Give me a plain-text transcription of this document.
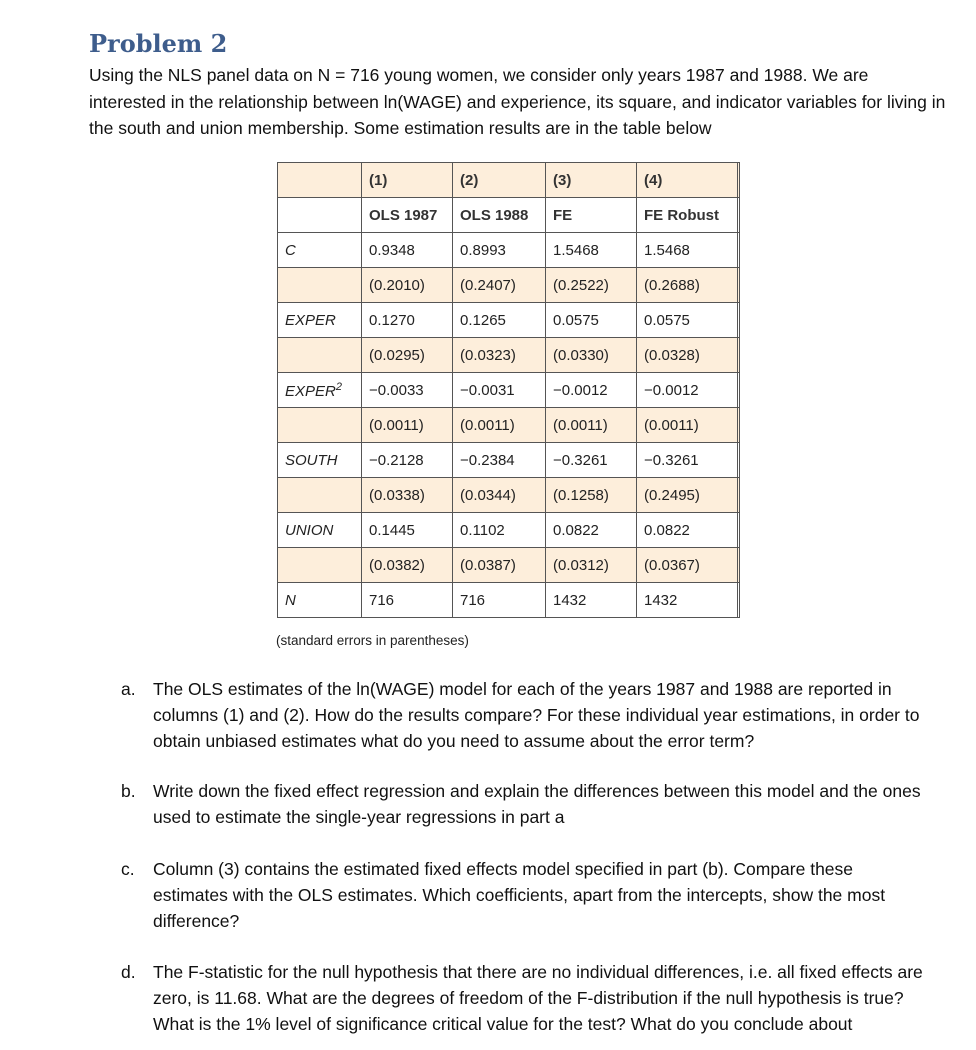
Problem 2
Using the NLS panel data on N = 716 young women, we consider only years 1987 and 1988. We are interested in the relationship between ln(WAGE) and experience, its square, and indicator variables for living in the south and union membership. Some estimation results are in the table below
	(1)	(2)	(3)	(4)	
	OLS 1987	OLS 1988	FE	FE Robust	
C	0.9348	0.8993	1.5468	1.5468	
	(0.2010)	(0.2407)	(0.2522)	(0.2688)	
EXPER	0.1270	0.1265	0.0575	0.0575	
	(0.0295)	(0.0323)	(0.0330)	(0.0328)	
$EXPER^2$	−0.0033	−0.0031	−0.0012	−0.0012	
	(0.0011)	(0.0011)	(0.0011)	(0.0011)	
SOUTH	−0.2128	−0.2384	−0.3261	−0.3261	
	(0.0338)	(0.0344)	(0.1258)	(0.2495)	
UNION	0.1445	0.1102	0.0822	0.0822	
	(0.0382)	(0.0387)	(0.0312)	(0.0367)	
N	716	716	1432	1432	
(standard errors in parentheses)
a. The OLS estimates of the ln(WAGE) model for each of the years 1987 and 1988 are reported in columns (1) and (2). How do the results compare? For these individual year estimations, in order to obtain unbiased estimates what do you need to assume about the error term?
b. Write down the fixed effect regression and explain the differences between this model and the ones used to estimate the single-year regressions in part a
c. Column (3) contains the estimated fixed effects model specified in part (b). Compare these estimates with the OLS estimates. Which coefficients, apart from the intercepts, show the most difference?
d. The F-statistic for the null hypothesis that there are no individual differences, i.e. all fixed effects are zero, is 11.68. What are the degrees of freedom of the F-distribution if the null hypothesis is true? What is the 1% level of significance critical value for the test? What do you conclude about
